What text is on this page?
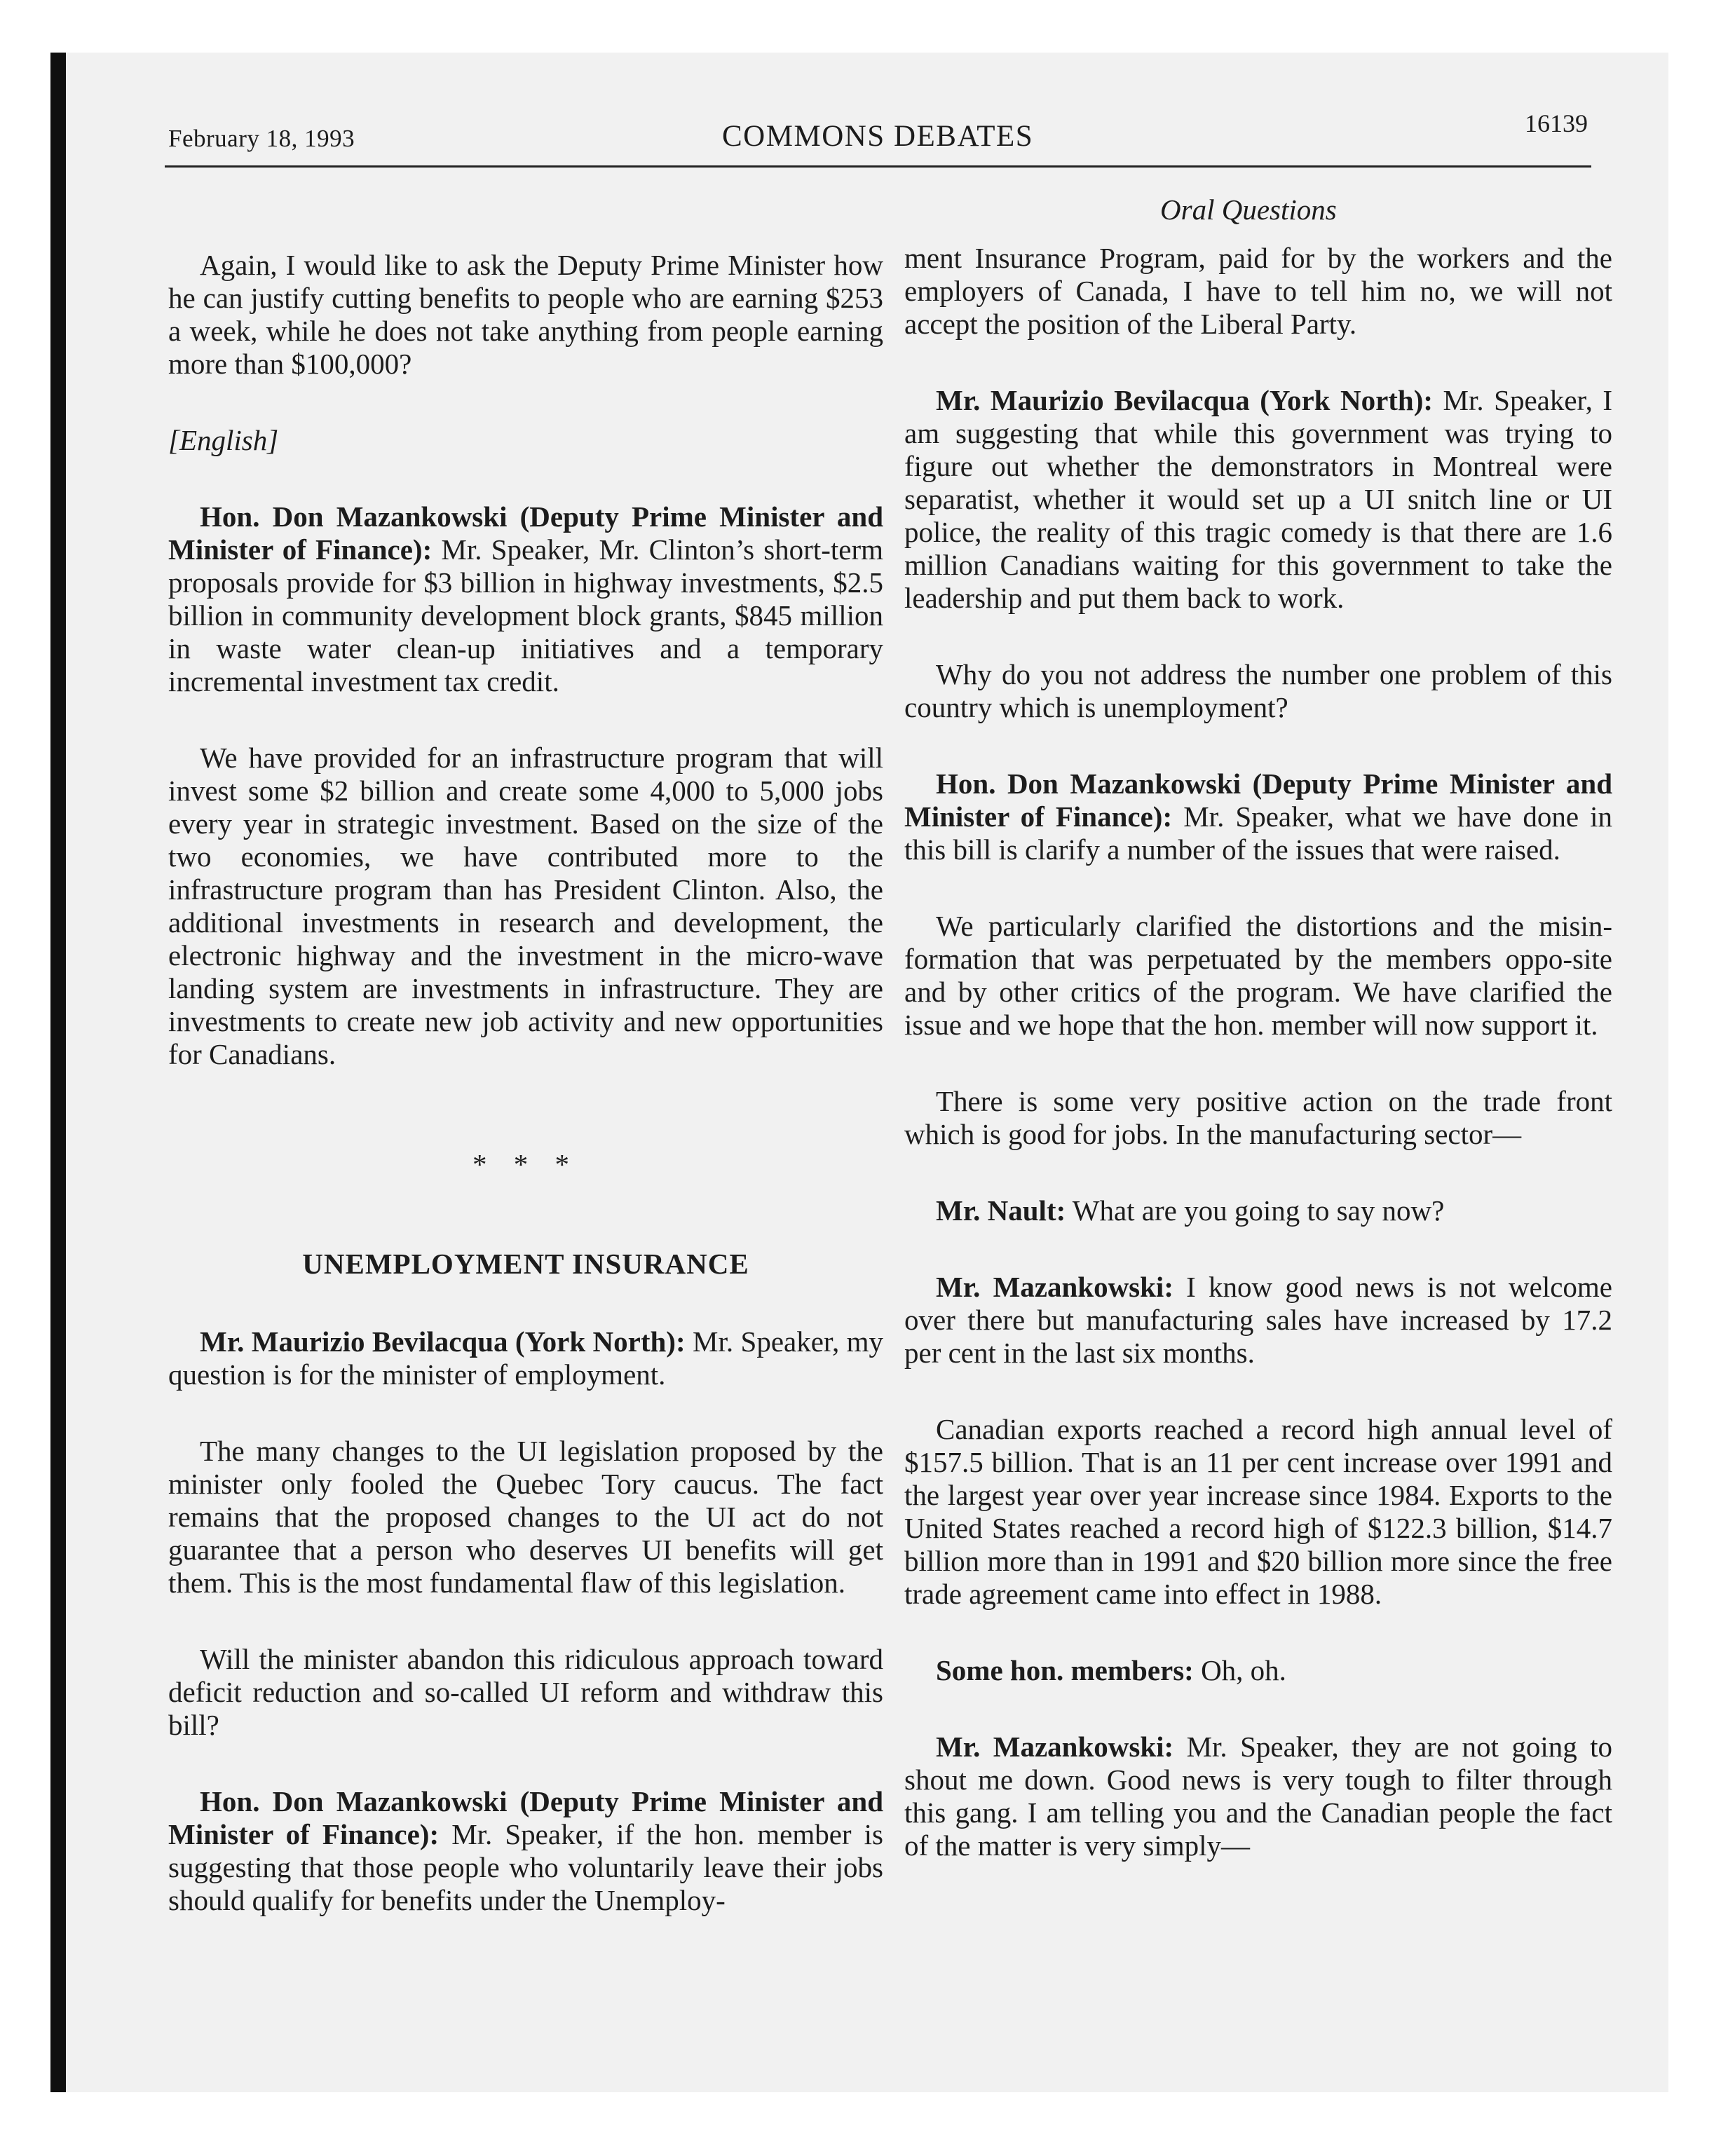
February 18, 1993	COMMONS DEBATES	16139
Oral Questions

Again, I would like to ask the Deputy Prime Minister how he can justify cutting benefits to people who are earning $253 a week, while he does not take anything from people earning more than $100,000?

[English]

Hon. Don Mazankowski (Deputy Prime Minister and Minister of Finance): Mr. Speaker, Mr. Clinton’s short-term proposals provide for $3 billion in highway investments, $2.5 billion in community development block grants, $845 million in waste water clean-up initiatives and a temporary incremental investment tax credit.

We have provided for an infrastructure program that will invest some $2 billion and create some 4,000 to 5,000 jobs every year in strategic investment. Based on the size of the two economies, we have contributed more to the infrastructure program than has President Clinton. Also, the additional investments in research and development, the electronic highway and the investment in the micro-wave landing system are investments in infrastructure. They are investments to create new job activity and new opportunities for Canadians.

* * *
UNEMPLOYMENT INSURANCE

Mr. Maurizio Bevilacqua (York North): Mr. Speaker, my question is for the minister of employment.

The many changes to the UI legislation proposed by the minister only fooled the Quebec Tory caucus. The fact remains that the proposed changes to the UI act do not guarantee that a person who deserves UI benefits will get them. This is the most fundamental flaw of this legislation.

Will the minister abandon this ridiculous approach toward deficit reduction and so-called UI reform and withdraw this bill?

Hon. Don Mazankowski (Deputy Prime Minister and Minister of Finance): Mr. Speaker, if the hon. member is suggesting that those people who voluntarily leave their jobs should qualify for benefits under the Unemploy-

ment Insurance Program, paid for by the workers and the employers of Canada, I have to tell him no, we will not accept the position of the Liberal Party.

Mr. Maurizio Bevilacqua (York North): Mr. Speaker, I am suggesting that while this government was trying to figure out whether the demonstrators in Montreal were separatist, whether it would set up a UI snitch line or UI police, the reality of this tragic comedy is that there are 1.6 million Canadians waiting for this government to take the leadership and put them back to work.

Why do you not address the number one problem of this country which is unemployment?

Hon. Don Mazankowski (Deputy Prime Minister and Minister of Finance): Mr. Speaker, what we have done in this bill is clarify a number of the issues that were raised.

We particularly clarified the distortions and the misin-formation that was perpetuated by the members oppo-site and by other critics of the program. We have clarified the issue and we hope that the hon. member will now support it.

There is some very positive action on the trade front which is good for jobs. In the manufacturing sector—

Mr. Nault: What are you going to say now?

Mr. Mazankowski: I know good news is not welcome over there but manufacturing sales have increased by 17.2 per cent in the last six months.

Canadian exports reached a record high annual level of $157.5 billion. That is an 11 per cent increase over 1991 and the largest year over year increase since 1984. Exports to the United States reached a record high of $122.3 billion, $14.7 billion more than in 1991 and $20 billion more since the free trade agreement came into effect in 1988.

Some hon. members: Oh, oh.

Mr. Mazankowski: Mr. Speaker, they are not going to shout me down. Good news is very tough to filter through this gang. I am telling you and the Canadian people the fact of the matter is very simply—
